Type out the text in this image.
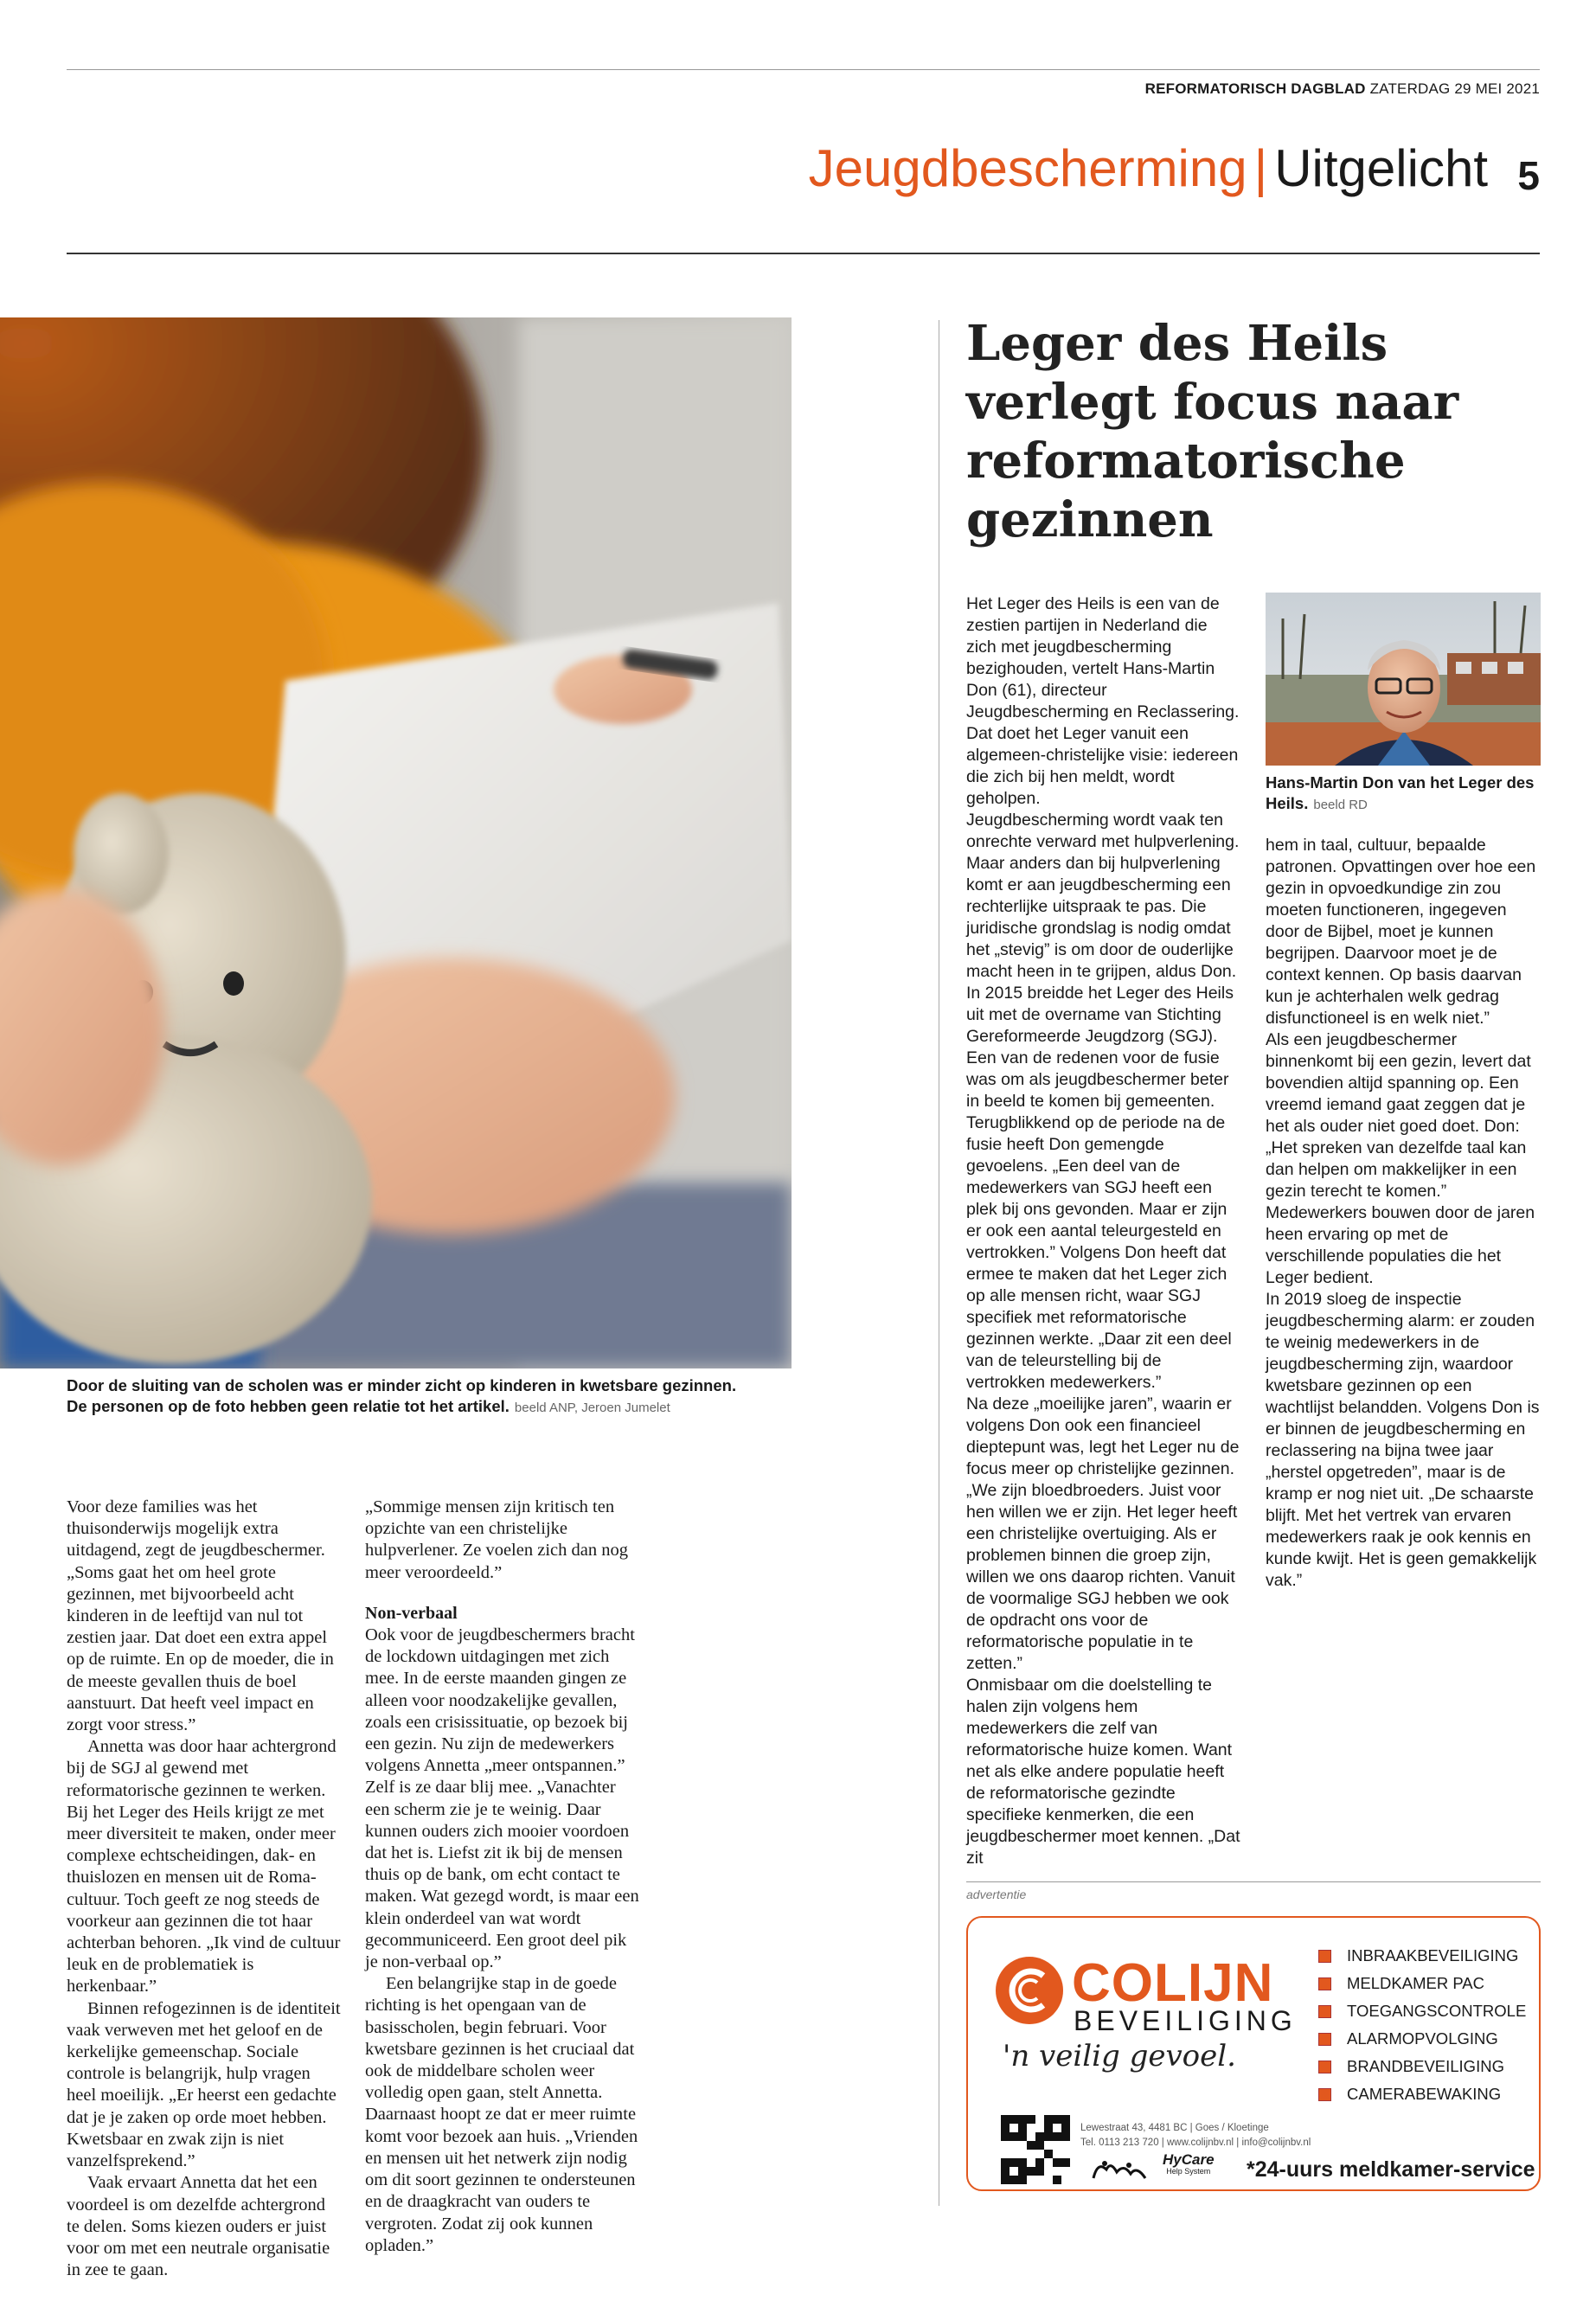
REFORMATORISCH DAGBLAD ZATERDAG 29 MEI 2021
Jeugdbescherming | Uitgelicht 5
Door de sluiting van de scholen was er minder zicht op kinderen in kwetsbare gezinnen.
De personen op de foto hebben geen relatie tot het artikel. beeld ANP, Jeroen Jumelet

Voor deze families was het thuisonderwijs mogelijk extra uitdagend, zegt de jeugdbeschermer. „Soms gaat het om heel grote gezinnen, met bijvoorbeeld acht kinderen in de leeftijd van nul tot zestien jaar. Dat doet een extra appel op de ruimte. En op de moeder, die in de meeste gevallen thuis de boel aanstuurt. Dat heeft veel impact en zorgt voor stress.”

Annetta was door haar achtergrond bij de SGJ al gewend met reformatorische gezinnen te werken. Bij het Leger des Heils krijgt ze met meer diversiteit te maken, onder meer complexe echtscheidingen, dak- en thuislozen en mensen uit de Roma-cultuur. Toch geeft ze nog steeds de voorkeur aan gezinnen die tot haar achterban behoren. „Ik vind de cultuur leuk en de problematiek is herkenbaar.”

Binnen refogezinnen is de identiteit vaak verweven met het geloof en de kerkelijke gemeenschap. Sociale controle is belangrijk, hulp vragen heel moeilijk. „Er heerst een gedachte dat je je zaken op orde moet hebben. Kwetsbaar en zwak zijn is niet vanzelfsprekend.”

Vaak ervaart Annetta dat het een voordeel is om dezelfde achtergrond te delen. Soms kiezen ouders er juist voor om met een neutrale organisatie in zee te gaan.

„Sommige mensen zijn kritisch ten opzichte van een christelijke hulpverlener. Ze voelen zich dan nog meer veroordeeld.”

Non-verbaal

Ook voor de jeugdbeschermers bracht de lockdown uitdagingen met zich mee. In de eerste maanden gingen ze alleen voor noodzakelijke gevallen, zoals een crisissituatie, op bezoek bij een gezin. Nu zijn de medewerkers volgens Annetta „meer ontspannen.” Zelf is ze daar blij mee. „Vanachter een scherm zie je te weinig. Daar kunnen ouders zich mooier voordoen dat het is. Liefst zit ik bij de mensen thuis op de bank, om echt contact te maken. Wat gezegd wordt, is maar een klein onderdeel van wat wordt gecommuniceerd. Een groot deel pik je non-verbaal op.”

Een belangrijke stap in de goede richting is het opengaan van de basisscholen, begin februari. Voor kwetsbare gezinnen is het cruciaal dat ook de middelbare scholen weer volledig open gaan, stelt Annetta. Daarnaast hoopt ze dat er meer ruimte komt voor bezoek aan huis. „Vrienden en mensen uit het netwerk zijn nodig om dit soort gezinnen te ondersteunen en de draagkracht van ouders te vergroten. Zodat zij ook kunnen opladen.”

Leger des Heils verlegt focus naar reformatorische gezinnen

Het Leger des Heils is een van de zestien partijen in Nederland die zich met jeugdbescherming bezighouden, vertelt Hans-Martin Don (61), directeur Jeugdbescherming en Reclassering. Dat doet het Leger vanuit een algemeen-christelijke visie: iedereen die zich bij hen meldt, wordt geholpen.

Jeugdbescherming wordt vaak ten onrechte verward met hulpverlening. Maar anders dan bij hulpverlening komt er aan jeugdbescherming een rechterlijke uitspraak te pas. Die juridische grondslag is nodig omdat het „stevig” is om door de ouderlijke macht heen in te grijpen, aldus Don.

In 2015 breidde het Leger des Heils uit met de overname van Stichting Gereformeerde Jeugdzorg (SGJ). Een van de redenen voor de fusie was om als jeugdbeschermer beter in beeld te komen bij gemeenten.

Terugblikkend op de periode na de fusie heeft Don gemengde gevoelens. „Een deel van de medewerkers van SGJ heeft een plek bij ons gevonden. Maar er zijn er ook een aantal teleurgesteld en vertrokken.” Volgens Don heeft dat ermee te maken dat het Leger zich op alle mensen richt, waar SGJ specifiek met reformatorische gezinnen werkte. „Daar zit een deel van de teleurstelling bij de vertrokken medewerkers.”

Na deze „moeilijke jaren”, waarin er volgens Don ook een financieel dieptepunt was, legt het Leger nu de focus meer op christelijke gezinnen. „We zijn bloedbroeders. Juist voor hen willen we er zijn. Het leger heeft een christelijke overtuiging. Als er problemen binnen die groep zijn, willen we ons daarop richten. Vanuit de voormalige SGJ hebben we ook de opdracht ons voor de reformatorische populatie in te zetten.”

Onmisbaar om die doelstelling te halen zijn volgens hem medewerkers die zelf van reformatorische huize komen. Want net als elke andere populatie heeft de reformatorische gezindte specifieke kenmerken, die een jeugdbeschermer moet kennen. „Dat zit

Hans-Martin Don van het Leger des Heils. beeld RD

hem in taal, cultuur, bepaalde patronen. Opvattingen over hoe een gezin in opvoedkundige zin zou moeten functioneren, ingegeven door de Bijbel, moet je kunnen begrijpen. Daarvoor moet je de context kennen. Op basis daarvan kun je achterhalen welk gedrag disfunctioneel is en welk niet.”

Als een jeugdbeschermer binnenkomt bij een gezin, levert dat bovendien altijd spanning op. Een vreemd iemand gaat zeggen dat je het als ouder niet goed doet. Don: „Het spreken van dezelfde taal kan dan helpen om makkelijker in een gezin terecht te komen.” Medewerkers bouwen door de jaren heen ervaring op met de verschillende populaties die het Leger bedient.

In 2019 sloeg de inspectie jeugdbescherming alarm: er zouden te weinig medewerkers in de jeugdbescherming zijn, waardoor kwetsbare gezinnen op een wachtlijst belandden. Volgens Don is er binnen de jeugdbescherming en reclassering na bijna twee jaar „herstel opgetreden”, maar is de kramp er nog niet uit. „De schaarste blijft. Met het vertrek van ervaren medewerkers raak je ook kennis en kunde kwijt. Het is geen gemakkelijk vak.”

advertentie
COLIJN
BEVEILIGING
'n veilig gevoel.
INBRAAKBEVEILIGING
MELDKAMER PAC
TOEGANGSCONTROLE
ALARMOPVOLGING
BRANDBEVEILIGING
CAMERABEWAKING
Lewestraat 43, 4481 BC | Goes / Kloetinge
Tel. 0113 213 720 | www.colijnbv.nl | info@colijnbv.nl
HyCare
Help System *24-uurs meldkamer-service
